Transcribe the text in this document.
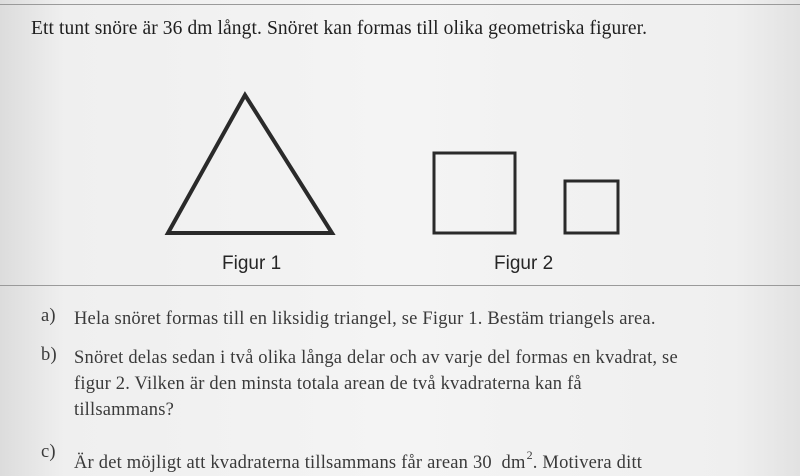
Ett tunt snöre är 36 dm långt. Snöret kan formas till olika geometriska figurer.
Figur 1	Figur 2
a) Hela snöret formas till en liksidig triangel, se Figur 1. Bestäm triangels area.
b) Snöret delas sedan i två olika långa delar och av varje del formas en kvadrat, se
figur 2. Vilken är den minsta totala arean de två kvadraterna kan få
tillsammans?
c)
Är det möjligt att kvadraterna tillsammans får arean 30 $dm^2$. Motivera ditt
